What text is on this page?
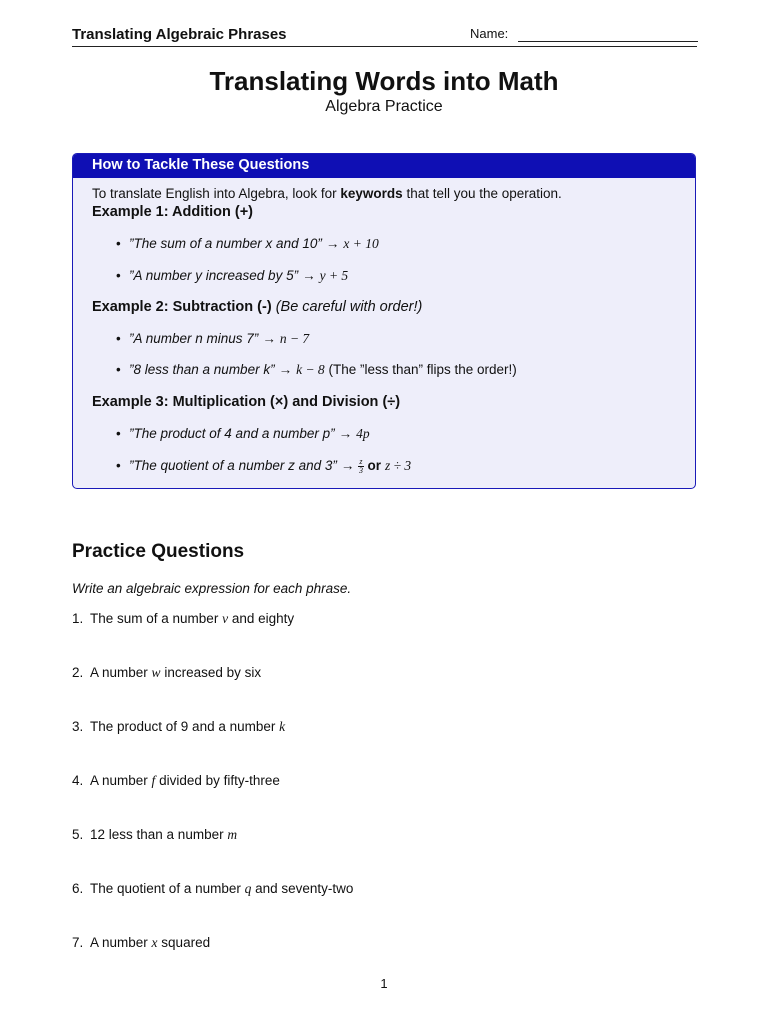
Translating Algebraic Phrases	Name:
Translating Words into Math
Algebra Practice
How to Tackle These Questions
To translate English into Algebra, look for keywords that tell you the operation.
Example 1: Addition (+)
• ”The sum of a number x and 10” → x + 10
• ”A number y increased by 5” → y + 5
Example 2: Subtraction (-) (Be careful with order!)
• ”A number n minus 7” → n − 7
• ”8 less than a number k” → k − 8 (The ”less than” flips the order!)
Example 3: Multiplication (×) and Division (÷)
• ”The product of 4 and a number p” → 4p
• ”The quotient of a number z and 3” → $\frac{z}{3}$ or z ÷ 3
Practice Questions
Write an algebraic expression for each phrase.
1. The sum of a number v and eighty
2. A number w increased by six
3. The product of 9 and a number k
4. A number f divided by fifty-three
5. 12 less than a number m
6. The quotient of a number q and seventy-two
7. A number x squared
1
